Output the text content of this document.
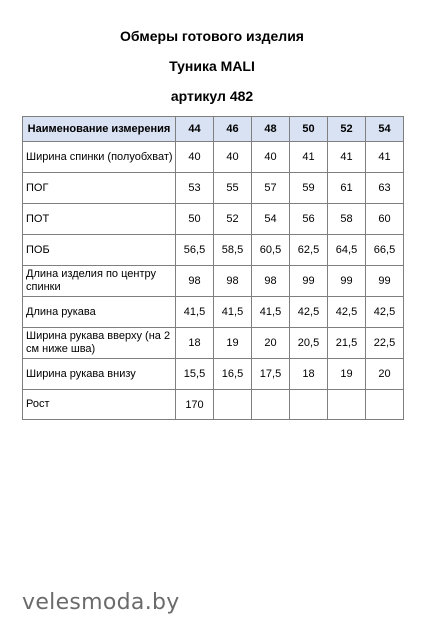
Обмеры готового изделия
Туника MALI
артикул 482
Наименование измерения	44	46	48	50	52	54
Ширина спинки (полуобхват)	40	40	40	41	41	41
ПОГ	53	55	57	59	61	63
ПОТ	50	52	54	56	58	60
ПОБ	56,5	58,5	60,5	62,5	64,5	66,5
Длина изделия по центру спинки	98	98	98	99	99	99
Длина рукава	41,5	41,5	41,5	42,5	42,5	42,5
Ширина рукава вверху (на 2 см ниже шва)	18	19	20	20,5	21,5	22,5
Ширина рукава внизу	15,5	16,5	17,5	18	19	20
Рост	170					
velesmoda.by
